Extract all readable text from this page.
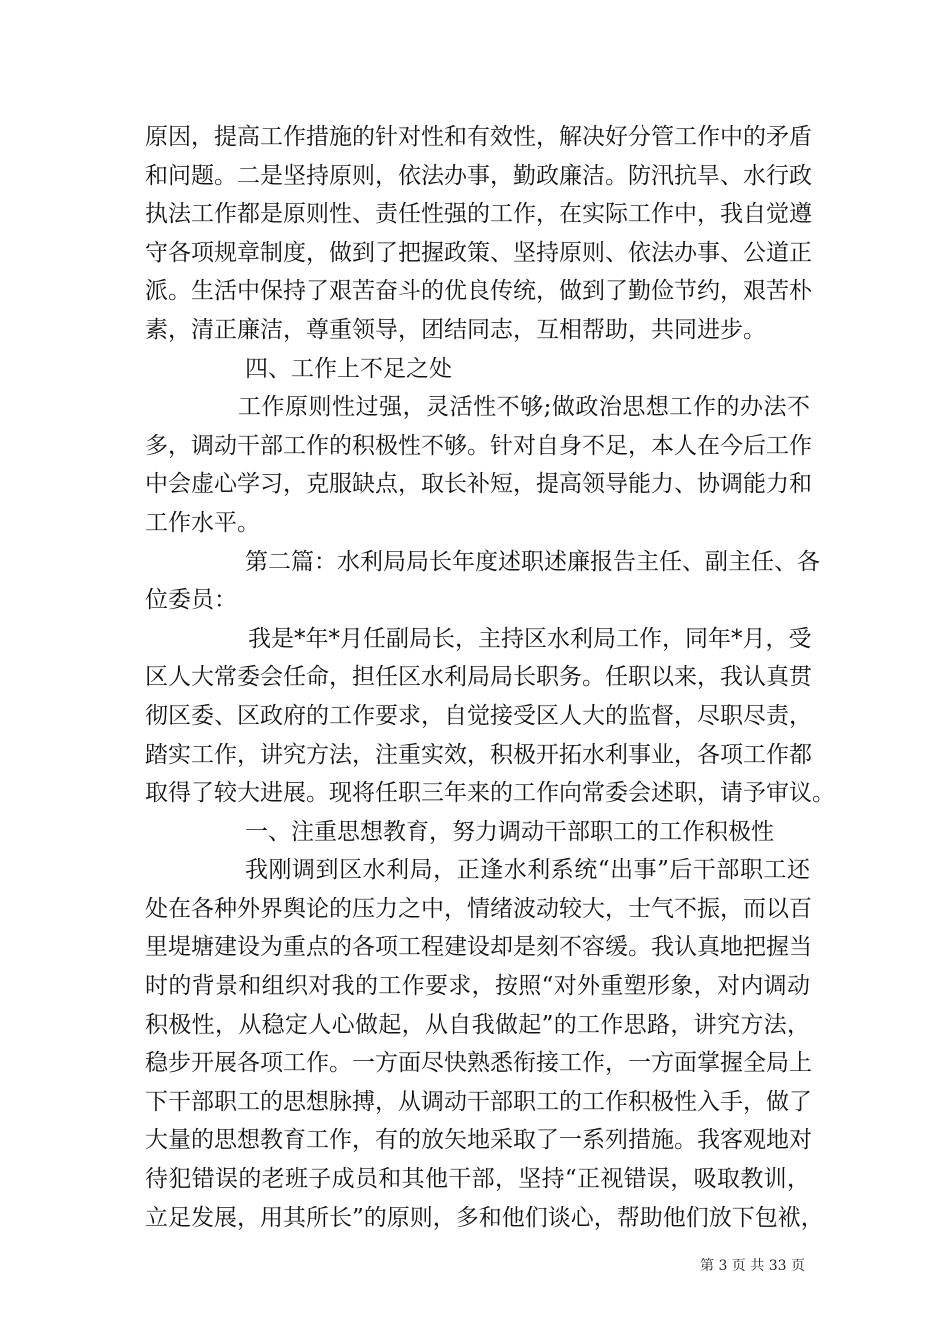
原因，提高工作措施的针对性和有效性，解决好分管工作中的矛盾
和问题。二是坚持原则，依法办事，勤政廉洁。防汛抗旱、水行政
执法工作都是原则性、责任性强的工作，在实际工作中，我自觉遵
守各项规章制度，做到了把握政策、坚持原则、依法办事、公道正
派。生活中保持了艰苦奋斗的优良传统，做到了勤俭节约，艰苦朴
素，清正廉洁，尊重领导，团结同志，互相帮助，共同进步。
四、工作上不足之处
工作原则性过强，灵活性不够;做政治思想工作的办法不
多，调动干部工作的积极性不够。针对自身不足，本人在今后工作
中会虚心学习，克服缺点，取长补短，提高领导能力、协调能力和
工作水平。
第二篇：水利局局长年度述职述廉报告主任、副主任、各
位委员：
我是*年*月任副局长，主持区水利局工作，同年*月，受
区人大常委会任命，担任区水利局局长职务。任职以来，我认真贯
彻区委、区政府的工作要求，自觉接受区人大的监督，尽职尽责，
踏实工作，讲究方法，注重实效，积极开拓水利事业，各项工作都
取得了较大进展。现将任职三年来的工作向常委会述职，请予审议。
一、注重思想教育，努力调动干部职工的工作积极性
我刚调到区水利局，正逢水利系统“出事”后干部职工还
处在各种外界舆论的压力之中，情绪波动较大，士气不振，而以百
里堤塘建设为重点的各项工程建设却是刻不容缓。我认真地把握当
时的背景和组织对我的工作要求，按照“对外重塑形象，对内调动
积极性，从稳定人心做起，从自我做起”的工作思路，讲究方法，
稳步开展各项工作。一方面尽快熟悉衔接工作，一方面掌握全局上
下干部职工的思想脉搏，从调动干部职工的工作积极性入手，做了
大量的思想教育工作，有的放矢地采取了一系列措施。我客观地对
待犯错误的老班子成员和其他干部，坚持“正视错误，吸取教训，
立足发展，用其所长”的原则，多和他们谈心，帮助他们放下包袱，
第 3 页 共 33 页
